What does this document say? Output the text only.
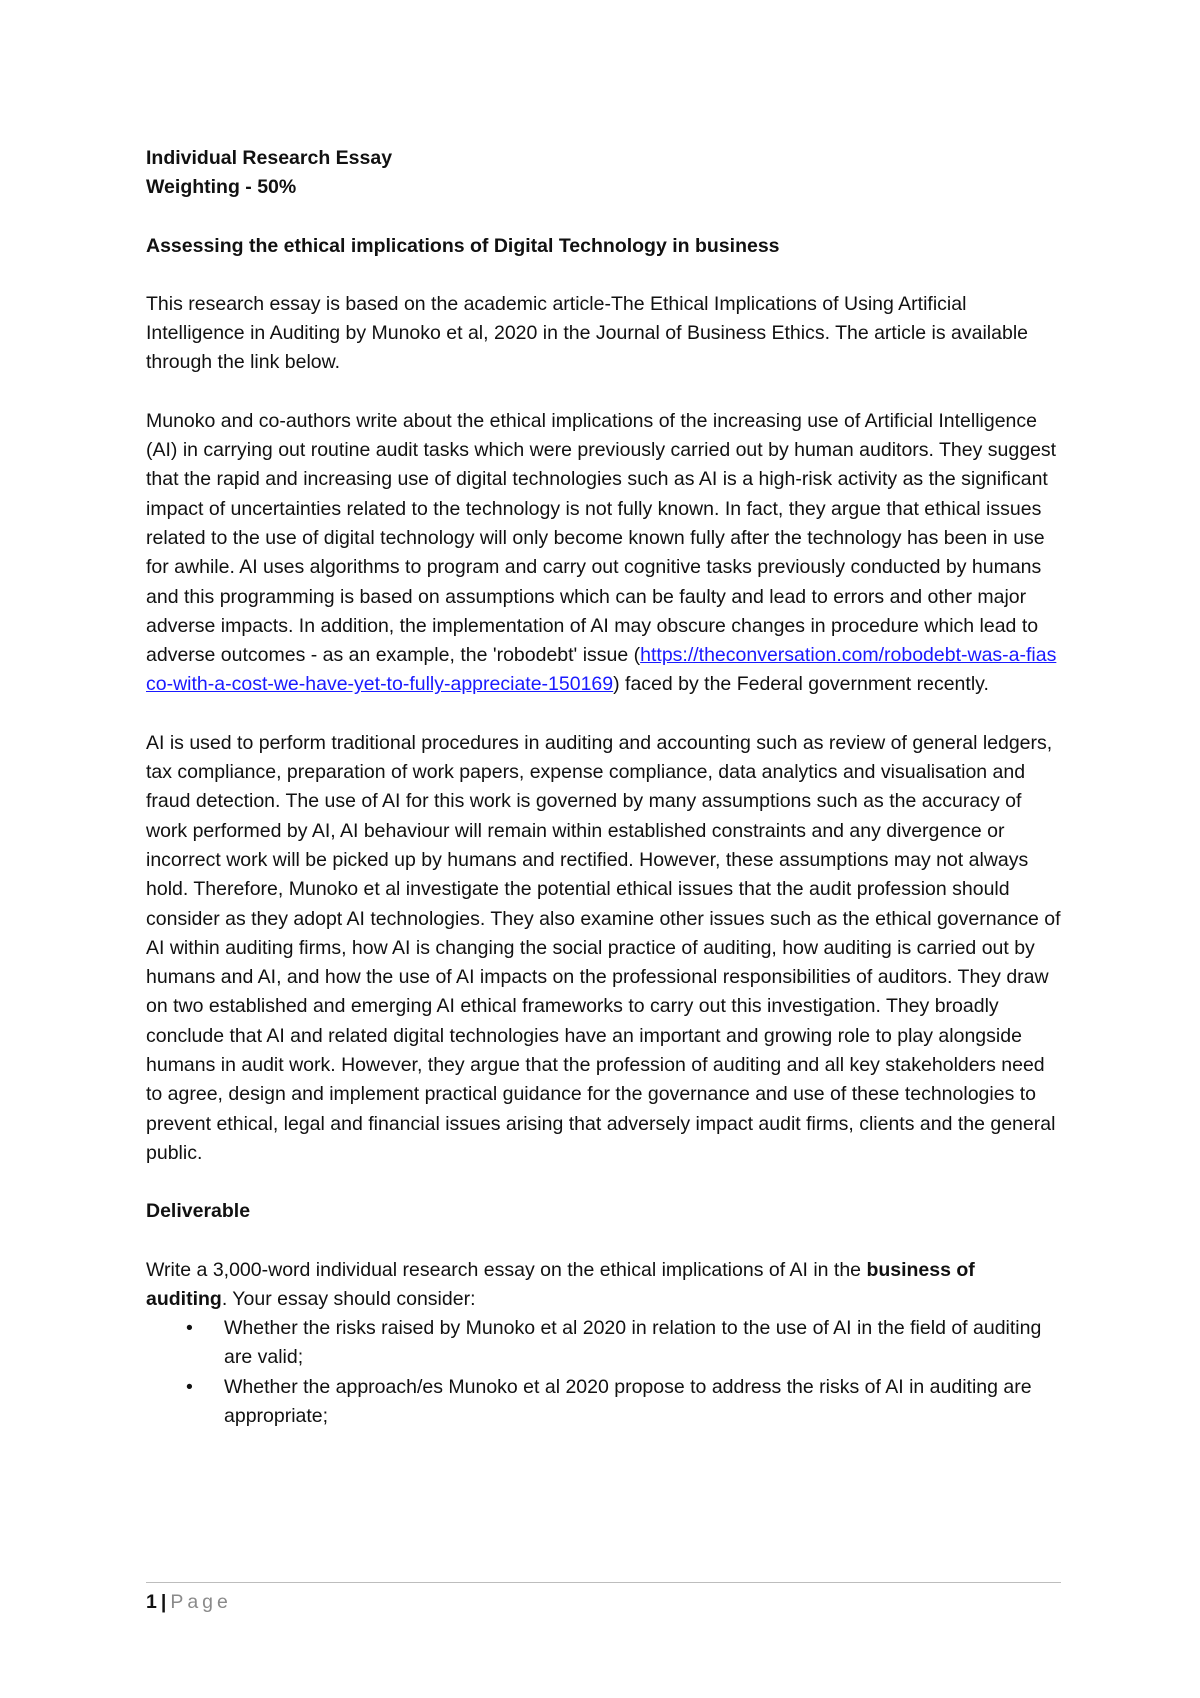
Individual Research Essay

Weighting - 50%

Assessing the ethical implications of Digital Technology in business

This research essay is based on the academic article-The Ethical Implications of Using Artificial Intelligence in Auditing by Munoko et al, 2020 in the Journal of Business Ethics. The article is available through the link below.

Munoko and co-authors write about the ethical implications of the increasing use of Artificial Intelligence (AI) in carrying out routine audit tasks which were previously carried out by human auditors. They suggest that the rapid and increasing use of digital technologies such as AI is a high-risk activity as the significant impact of uncertainties related to the technology is not fully known. In fact, they argue that ethical issues related to the use of digital technology will only become known fully after the technology has been in use for awhile. AI uses algorithms to program and carry out cognitive tasks previously conducted by humans and this programming is based on assumptions which can be faulty and lead to errors and other major adverse impacts. In addition, the implementation of AI may obscure changes in procedure which lead to adverse outcomes - as an example, the 'robodebt' issue (https://theconversation.com/robodebt-was-a-fiasco-with-a-cost-we-have-yet-to-fully-appreciate-150169) faced by the Federal government recently.

AI is used to perform traditional procedures in auditing and accounting such as review of general ledgers, tax compliance, preparation of work papers, expense compliance, data analytics and visualisation and fraud detection. The use of AI for this work is governed by many assumptions such as the accuracy of work performed by AI, AI behaviour will remain within established constraints and any divergence or incorrect work will be picked up by humans and rectified. However, these assumptions may not always hold. Therefore, Munoko et al investigate the potential ethical issues that the audit profession should consider as they adopt AI technologies. They also examine other issues such as the ethical governance of AI within auditing firms, how AI is changing the social practice of auditing, how auditing is carried out by humans and AI, and how the use of AI impacts on the professional responsibilities of auditors. They draw on two established and emerging AI ethical frameworks to carry out this investigation. They broadly conclude that AI and related digital technologies have an important and growing role to play alongside humans in audit work. However, they argue that the profession of auditing and all key stakeholders need to agree, design and implement practical guidance for the governance and use of these technologies to prevent ethical, legal and financial issues arising that adversely impact audit firms, clients and the general public.

Deliverable

Write a 3,000-word individual research essay on the ethical implications of AI in the business of auditing. Your essay should consider:

• Whether the risks raised by Munoko et al 2020 in relation to the use of AI in the field of auditing are valid;
• Whether the approach/es Munoko et al 2020 propose to address the risks of AI in auditing are appropriate;
1 | Page
